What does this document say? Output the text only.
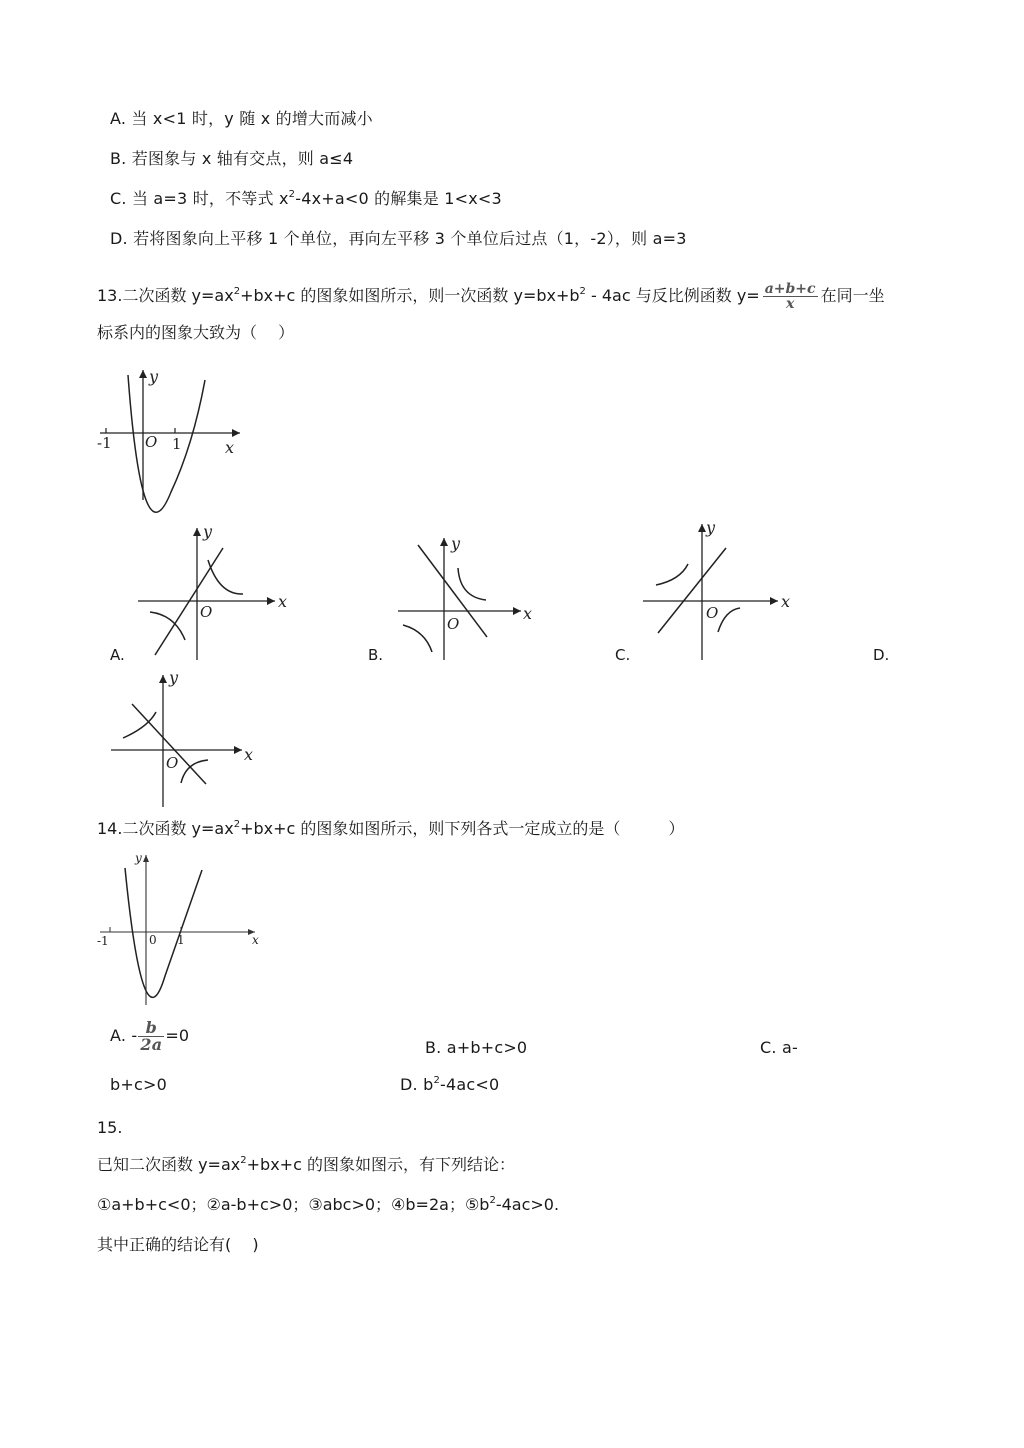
A. 当 x<1 时，y 随 x 的增大而减小
B. 若图象与 x 轴有交点，则 a≤4
C. 当 a=3 时，不等式 $x^2-4x+a<0$ 的解集是 1<x<3
D. 若将图象向上平移 1 个单位，再向左平移 3 个单位后过点（1，-2），则 a=3
13.二次函数 $y=ax^2+bx+c$ 的图象如图所示，则一次函数 $y=bx+b^2 - 4ac$ 与反比例函数 $y= \frac{a+b+c}{x}$ 在同一坐
标系内的图象大致为（　 ）
-1 O 1	x
y
O
x
y
A.
O
x
y
B.
O
x
y
C.	D.
O	x
y
14.二次函数 $y=ax^2+bx+c$ 的图象如图所示，则下列各式一定成立的是（　　　）
-1	0 1	x
y
A. - $\frac{b}{2a} =0$
B. a+b+c>0	C. a-
b+c>0	D. $b^2-4ac<0$
15.
已知二次函数 $y=ax^2+bx+c$ 的图象如图示，有下列结论：
①a+b+c<0；②a-b+c>0；③abc>0；④b=2a；$⑤b^2-4ac>0$.
其中正确的结论有(　 )
